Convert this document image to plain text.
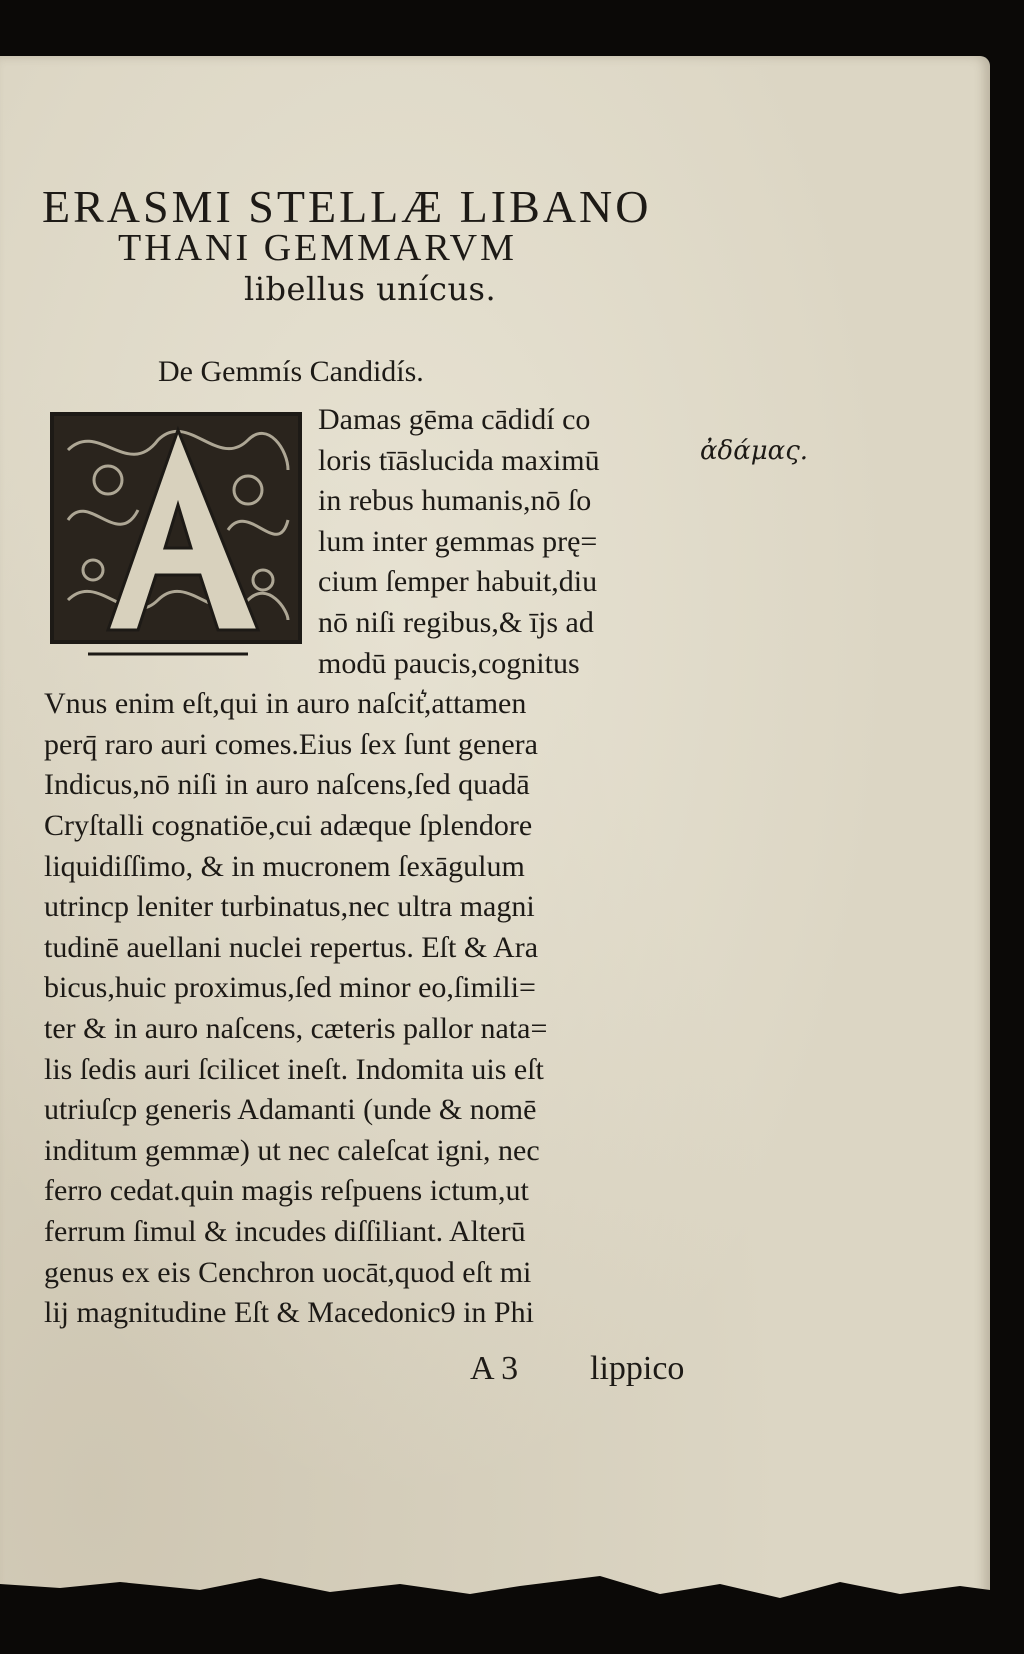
ERASMI STELLÆ LIBANO
THANI GEMMARVM
libellus unícus.
De Gemmís Candidís.
ἀδάμας.
Damas gēma cādidí co
loris tīāslucida maximū
in rebus humanis,nō ſo
lum inter gemmas prę=
cium ſemper habuit,diu
nō niſi regibus,& ījs ad
modū paucis,cognitus
Vnus enim eſt,qui in auro naſcit͛,attamen
perq̄ raro auri comes.Eius ſex ſunt genera
Indicus,nō niſi in auro naſcens,ſed quadā
Cryſtalli cognatiōe,cui adæque ſplendore
liquidiſſimo, & in mucronem ſexāgulum
utrincp leniter turbinatus,nec ultra magni
tudinē auellani nuclei repertus. Eſt & Ara
bicus,huic proximus,ſed minor eo,ſimili=
ter & in auro naſcens, cæteris pallor nata=
lis ſedis auri ſcilicet ineſt. Indomita uis eſt
utriuſcp generis Adamanti (unde & nomē
inditum gemmæ) ut nec caleſcat igni, nec
ferro cedat.quin magis reſpuens ictum,ut
ferrum ſimul & incudes diſſiliant. Alterū
genus ex eis Cenchron uocāt,quod eſt mi
lij magnitudine Eſt & Macedonic9 in Phi
A 3 lippico
